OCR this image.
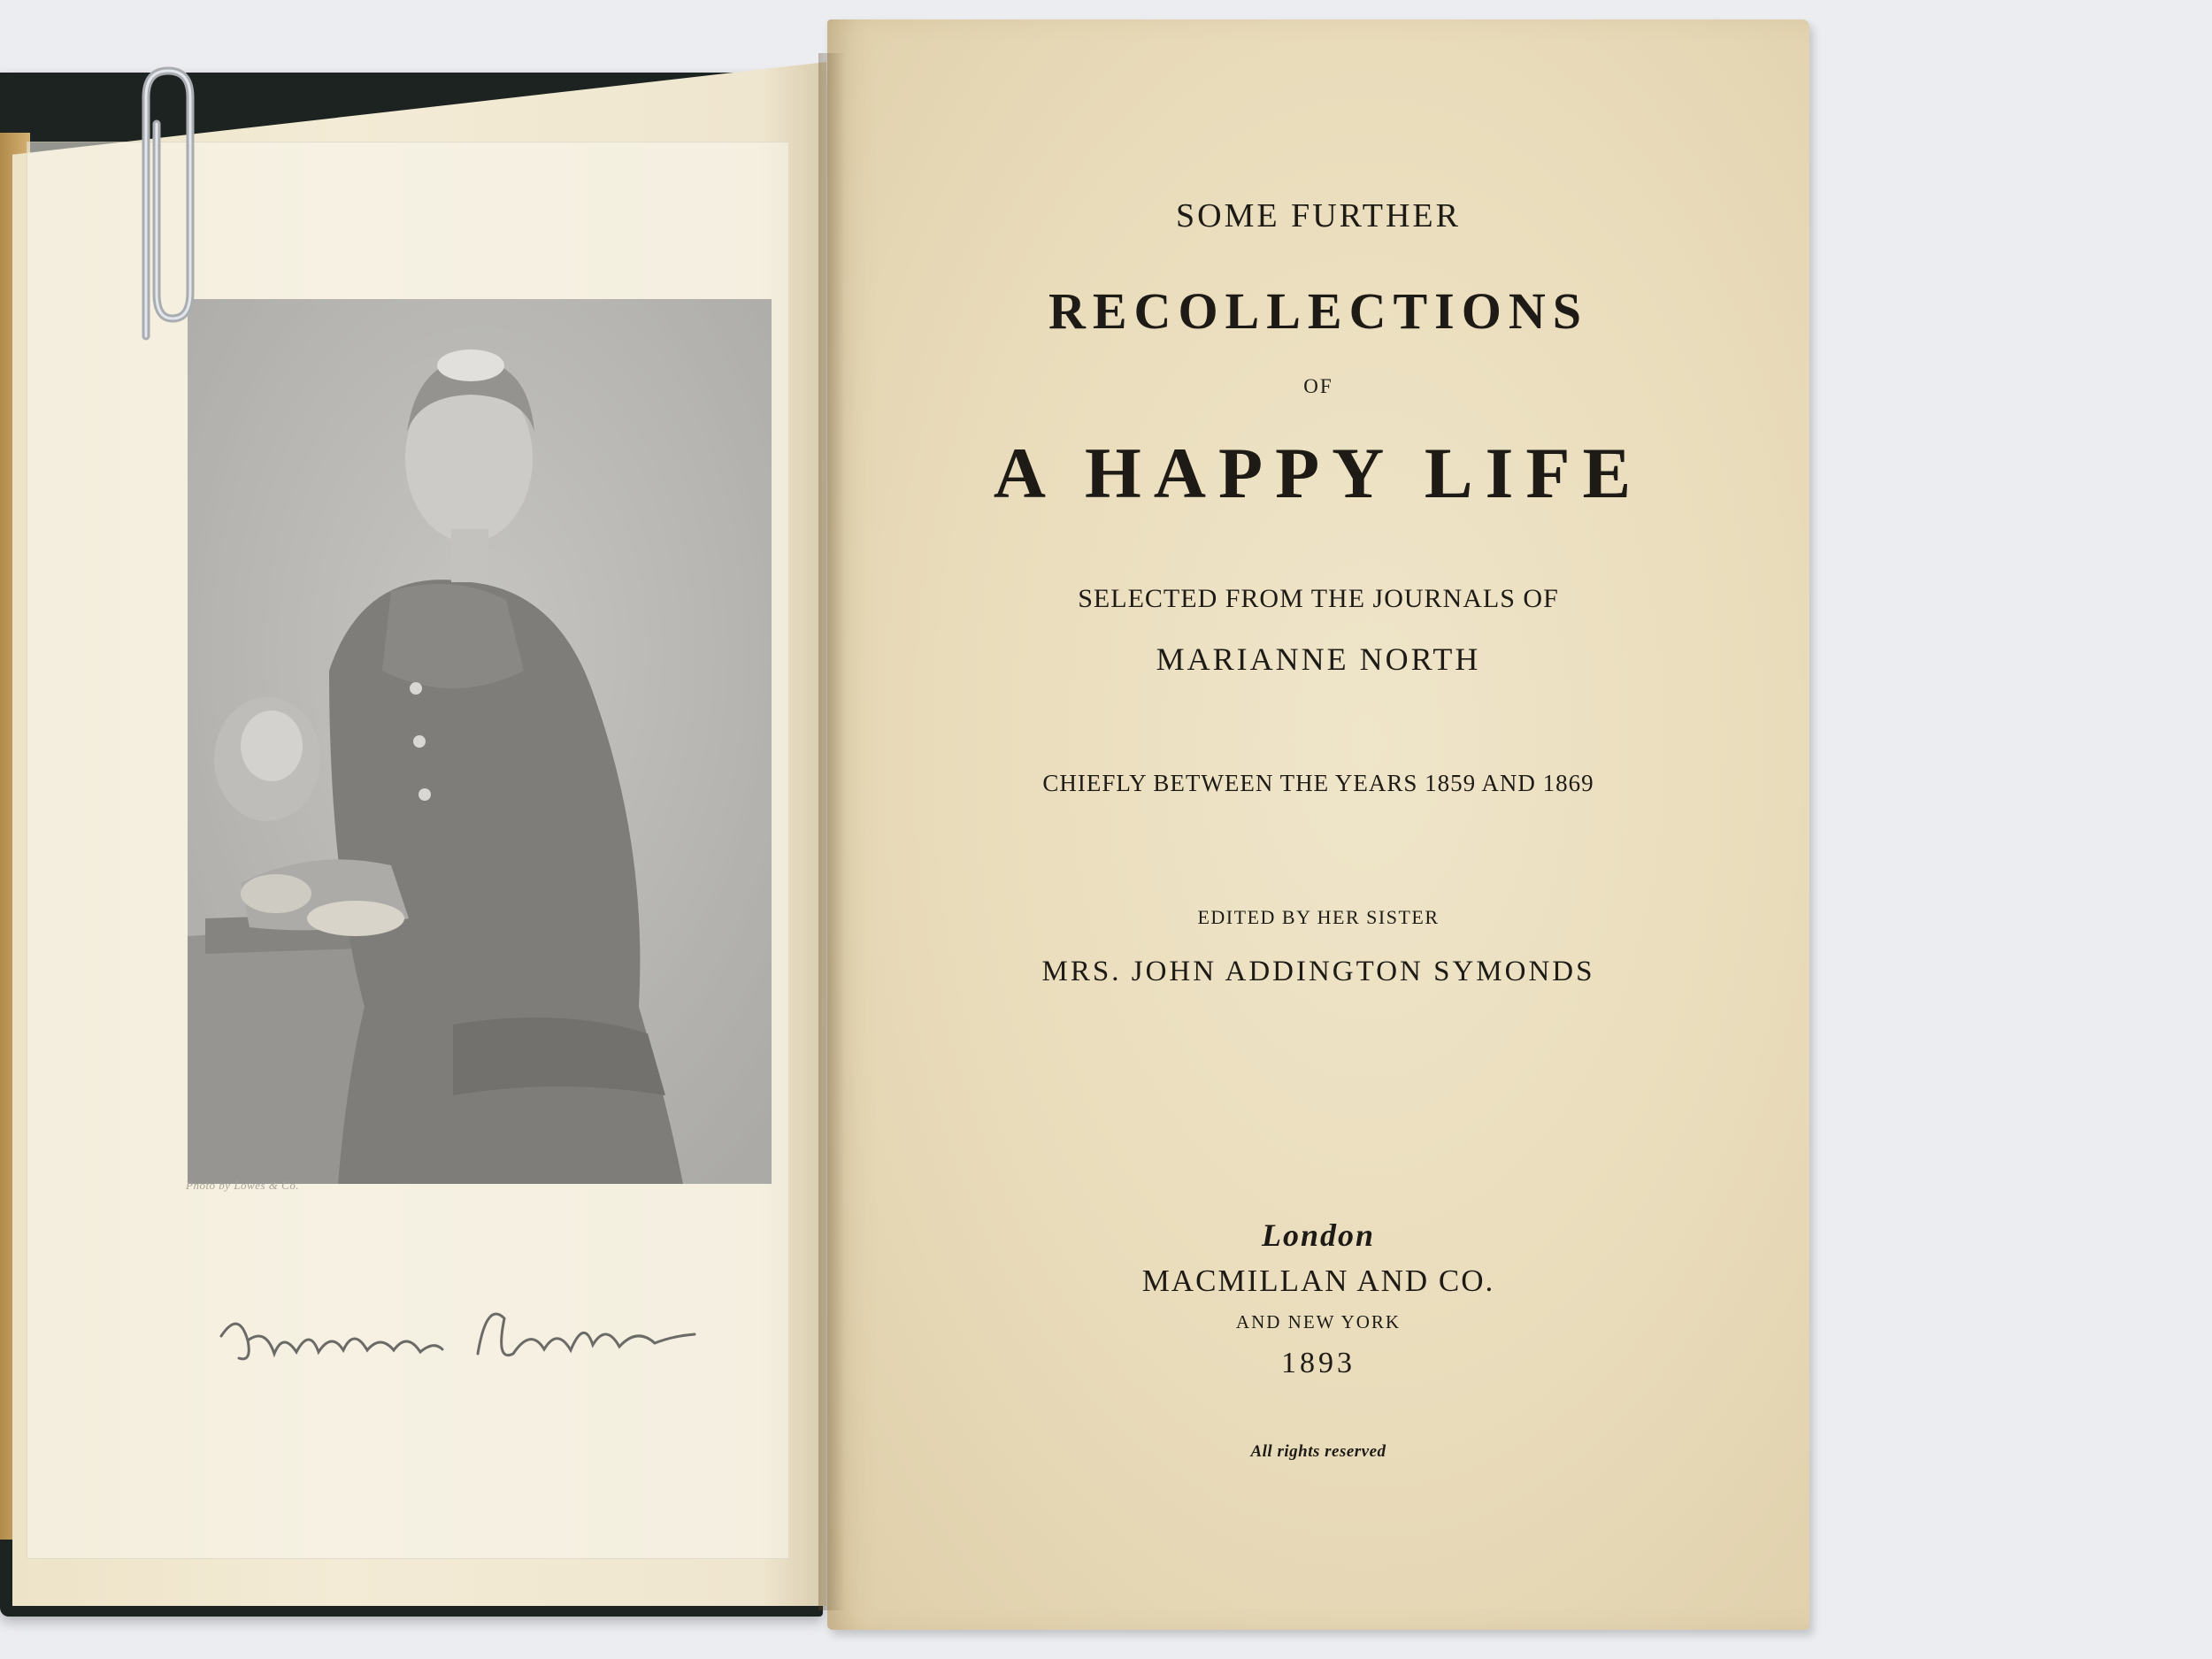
Photo by Lowes & Co.
SOME FURTHER
RECOLLECTIONS
OF
A HAPPY LIFE
SELECTED FROM THE JOURNALS OF
MARIANNE NORTH
CHIEFLY BETWEEN THE YEARS 1859 AND 1869
EDITED BY HER SISTER
MRS. JOHN ADDINGTON SYMONDS
London
MACMILLAN AND CO.
AND NEW YORK
1893
All rights reserved
